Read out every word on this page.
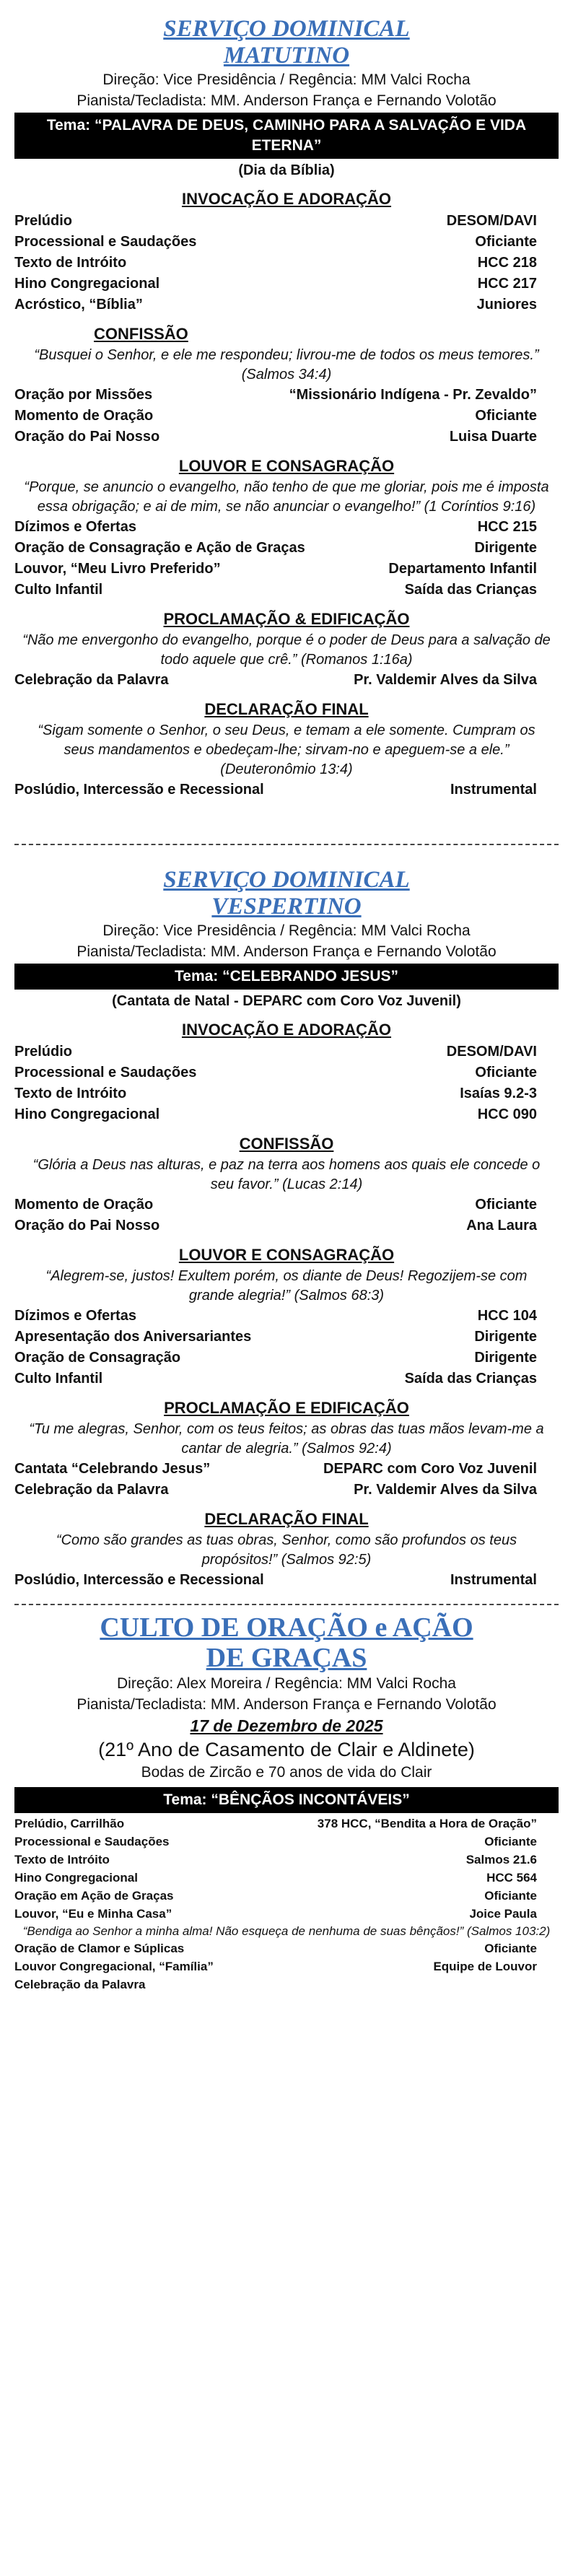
SERVIÇO DOMINICAL MATUTINO
Direção: Vice Presidência / Regência: MM Valci Rocha
Pianista/Tecladista: MM. Anderson França e Fernando Volotão
Tema: “PALAVRA DE DEUS, CAMINHO PARA A SALVAÇÃO E VIDA ETERNA”
(Dia da Bíblia)
INVOCAÇÃO E ADORAÇÃO
Prelúdio	DESOM/DAVI
Processional e Saudações	Oficiante
Texto de Intróito	HCC 218
Hino Congregacional	HCC 217
Acróstico, “Bíblia”	Juniores
CONFISSÃO
“Busquei o Senhor, e ele me respondeu; livrou-me de todos os meus temores.” (Salmos 34:4)
Oração por Missões	“Missionário Indígena - Pr. Zevaldo”
Momento de Oração	Oficiante
Oração do Pai Nosso	Luisa Duarte
LOUVOR E CONSAGRAÇÃO
“Porque, se anuncio o evangelho, não tenho de que me gloriar, pois me é imposta essa obrigação; e ai de mim, se não anunciar o evangelho!” (1 Coríntios 9:16)
Dízimos e Ofertas	HCC 215
Oração de Consagração e Ação de Graças	Dirigente
Louvor, “Meu Livro Preferido”	Departamento Infantil
Culto Infantil	Saída das Crianças
PROCLAMAÇÃO & EDIFICAÇÃO
“Não me envergonho do evangelho, porque é o poder de Deus para a salvação de todo aquele que crê.” (Romanos 1:16a)
Celebração da Palavra	Pr. Valdemir Alves da Silva
DECLARAÇÃO FINAL
“Sigam somente o Senhor, o seu Deus, e temam a ele somente. Cumpram os seus mandamentos e obedeçam-lhe; sirvam-no e apeguem-se a ele.” (Deuteronômio 13:4)
Poslúdio, Intercessão e Recessional	Instrumental
SERVIÇO DOMINICAL VESPERTINO
Direção: Vice Presidência / Regência: MM Valci Rocha
Pianista/Tecladista: MM. Anderson França e Fernando Volotão
Tema: “CELEBRANDO JESUS”
(Cantata de Natal - DEPARC com Coro Voz Juvenil)
INVOCAÇÃO E ADORAÇÃO
Prelúdio	DESOM/DAVI
Processional e Saudações	Oficiante
Texto de Intróito	Isaías 9.2-3
Hino Congregacional	HCC 090
CONFISSÃO
“Glória a Deus nas alturas, e paz na terra aos homens aos quais ele concede o seu favor.” (Lucas 2:14)
Momento de Oração	Oficiante
Oração do Pai Nosso	Ana Laura
LOUVOR E CONSAGRAÇÃO
“Alegrem-se, justos! Exultem porém, os diante de Deus! Regozijem-se com grande alegria!” (Salmos 68:3)
Dízimos e Ofertas	HCC 104
Apresentação dos Aniversariantes	Dirigente
Oração de Consagração	Dirigente
Culto Infantil	Saída das Crianças
PROCLAMAÇÃO E EDIFICAÇÃO
“Tu me alegras, Senhor, com os teus feitos; as obras das tuas mãos levam-me a cantar de alegria.” (Salmos 92:4)
Cantata “Celebrando Jesus”	DEPARC com Coro Voz Juvenil
Celebração da Palavra	Pr. Valdemir Alves da Silva
DECLARAÇÃO FINAL
“Como são grandes as tuas obras, Senhor, como são profundos os teus propósitos!” (Salmos 92:5)
Poslúdio, Intercessão e Recessional	Instrumental
CULTO DE ORAÇÃO e AÇÃO DE GRAÇAS
Direção: Alex Moreira / Regência: MM Valci Rocha
Pianista/Tecladista: MM. Anderson França e Fernando Volotão
17 de Dezembro de 2025
(21º Ano de Casamento de Clair e Aldinete)
Bodas de Zircão e 70 anos de vida do Clair
Tema: “BÊNÇÃOS INCONTÁVEIS”
Prelúdio, Carrilhão	378 HCC, “Bendita a Hora de Oração”
Processional e Saudações	Oficiante
Texto de Intróito	Salmos 21.6
Hino Congregacional	HCC 564
Oração em Ação de Graças	Oficiante
Louvor, “Eu e Minha Casa”	Joice Paula
“Bendiga ao Senhor a minha alma! Não esqueça de nenhuma de suas bênçãos!” (Salmos 103:2)
Oração de Clamor e Súplicas	Oficiante
Louvor Congregacional, “Família”	Equipe de Louvor
Celebração da Palavra
